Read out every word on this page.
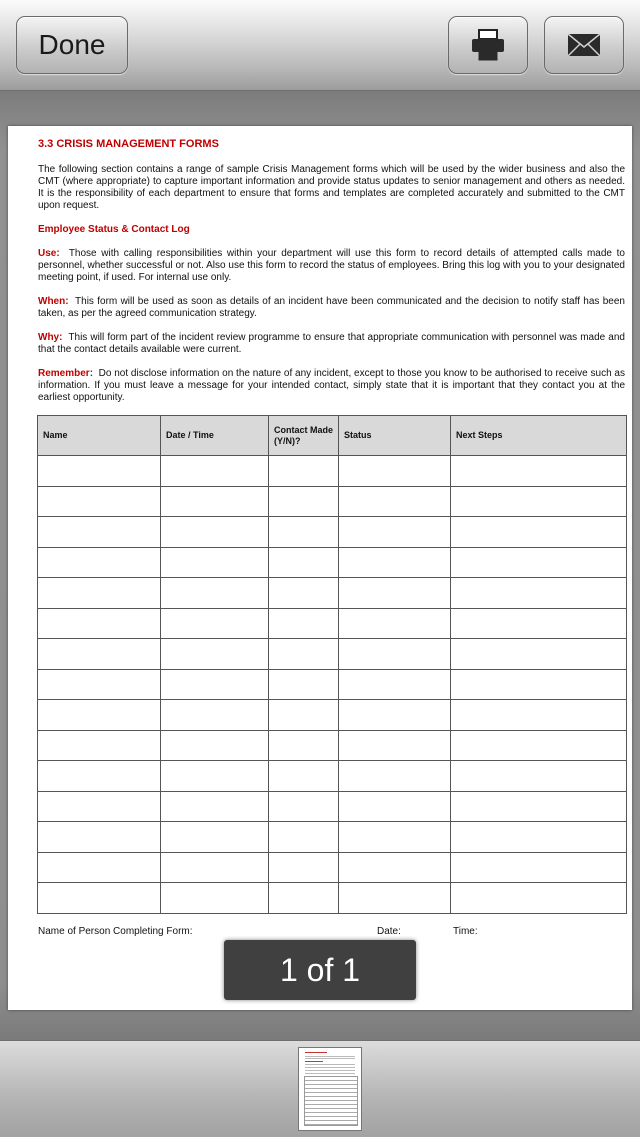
Done
3.3 CRISIS MANAGEMENT FORMS
The following section contains a range of sample Crisis Management forms which will be used by the wider business and also the CMT (where appropriate) to capture important information and provide status updates to senior management and others as needed. It is the responsibility of each department to ensure that forms and templates are completed accurately and submitted to the CMT upon request.
Employee Status & Contact Log
Use: Those with calling responsibilities within your department will use this form to record details of attempted calls made to personnel, whether successful or not. Also use this form to record the status of employees. Bring this log with you to your designated meeting point, if used. For internal use only.
When: This form will be used as soon as details of an incident have been communicated and the decision to notify staff has been taken, as per the agreed communication strategy.
Why: This will form part of the incident review programme to ensure that appropriate communication with personnel was made and that the contact details available were current.
Remember: Do not disclose information on the nature of any incident, except to those you know to be authorised to receive such as information. If you must leave a message for your intended contact, simply state that it is important that they contact you at the earliest opportunity.
Name	Date / Time	Contact Made (Y/N)?	Status	Next Steps

Name of Person Completing Form:	Date:	Time:
1 of 1
